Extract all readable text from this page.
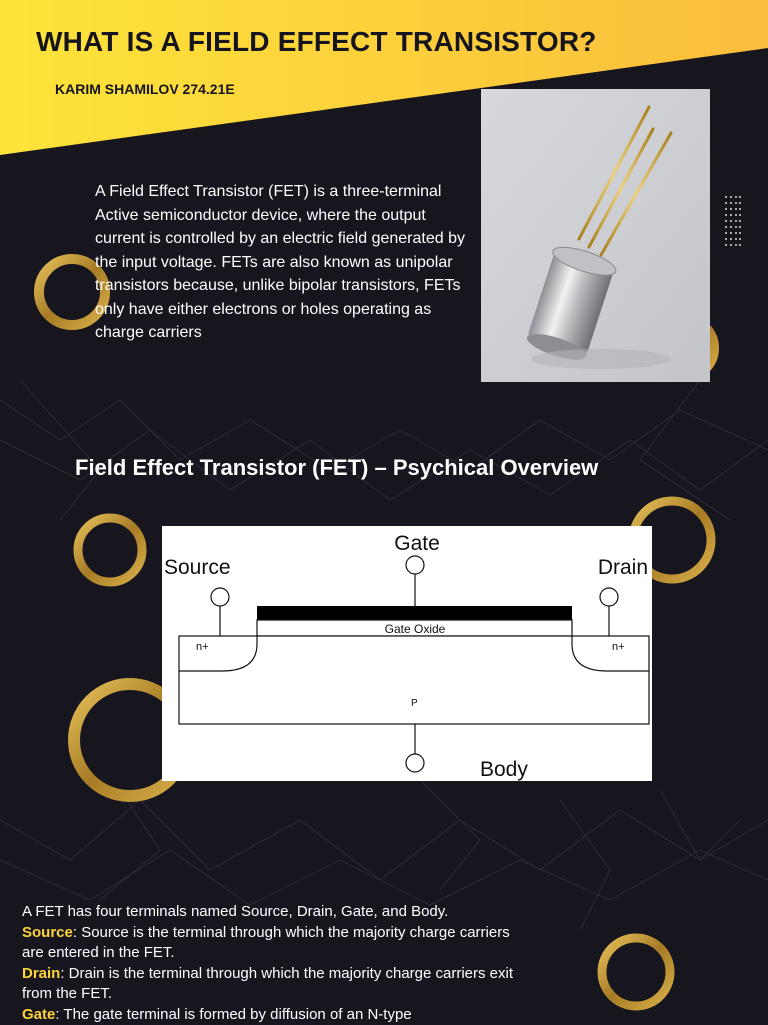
WHAT IS A FIELD EFFECT TRANSISTOR?
KARIM SHAMILOV 274.21E
A Field Effect Transistor (FET) is a three-terminal Active semiconductor device, where the output current is controlled by an electric field generated by the input voltage. FETs are also known as unipolar transistors because, unlike bipolar transistors, FETs only have either electrons or holes operating as charge carriers
Field Effect Transistor (FET) – Psychical Overview
Gate
Source	Drain
Body
Gate Oxide
n+	n+
P

A FET has four terminals named Source, Drain, Gate, and Body.

Source: Source is the terminal through which the majority charge carriers are entered in the FET.

Drain: Drain is the terminal through which the majority charge carriers exit from the FET.

Gate: The gate terminal is formed by diffusion of an N-type
